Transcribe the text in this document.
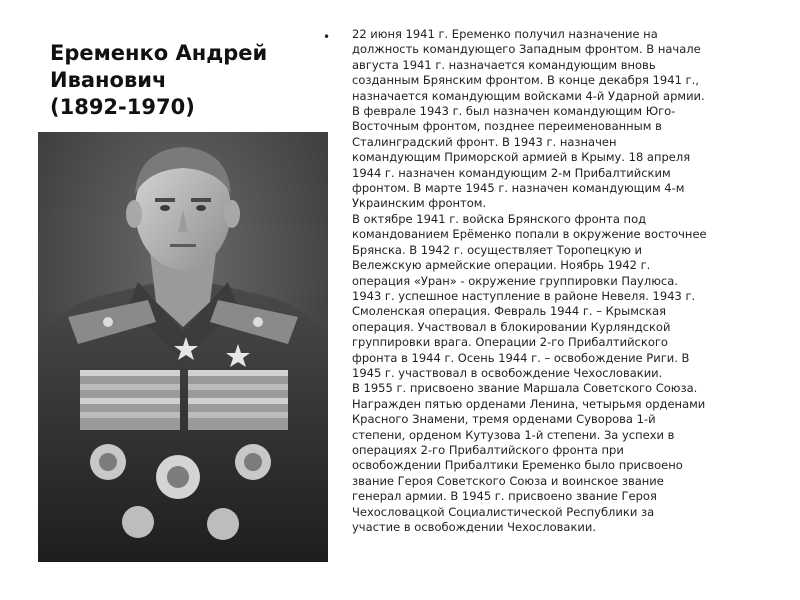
Еременко Андрей
Иванович
(1892-1970)
• 22 июня 1941 г. Еременко получил назначение на
должность командующего Западным фронтом. В начале
августа 1941 г. назначается командующим вновь
созданным Брянским фронтом. В конце декабря 1941 г.,
назначается командующим войсками 4-й Ударной армии.
В феврале 1943 г. был назначен командующим Юго-
Восточным фронтом, позднее переименованным в
Сталинградский фронт. В 1943 г. назначен
командующим Приморской армией в Крыму. 18 апреля
1944 г. назначен командующим 2-м Прибалтийским
фронтом. В марте 1945 г. назначен командующим 4-м
Украинским фронтом.
В октябре 1941 г. войска Брянского фронта под
командованием Ерёменко попали в окружение восточнее
Брянска. В 1942 г. осуществляет Торопецкую и
Вележскую армейские операции. Ноябрь 1942 г.
операция «Уран» - окружение группировки Паулюса.
1943 г. успешное наступление в районе Невеля. 1943 г.
Смоленская операция. Февраль 1944 г. – Крымская
операция. Участвовал в блокировании Курляндской
группировки врага. Операции 2-го Прибалтийского
фронта в 1944 г. Осень 1944 г. – освобождение Риги. В
1945 г. участвовал в освобождение Чехословакии.
В 1955 г. присвоено звание Маршала Советского Союза.
Награжден пятью орденами Ленина, четырьмя орденами
Красного Знамени, тремя орденами Суворова 1-й
степени, орденом Кутузова 1-й степени. За успехи в
операциях 2-го Прибалтийского фронта при
освобождении Прибалтики Еременко было присвоено
звание Героя Советского Союза и воинское звание
генерал армии. В 1945 г. присвоено звание Героя
Чехословацкой Социалистической Республики за
участие в освобождении Чехословакии.
